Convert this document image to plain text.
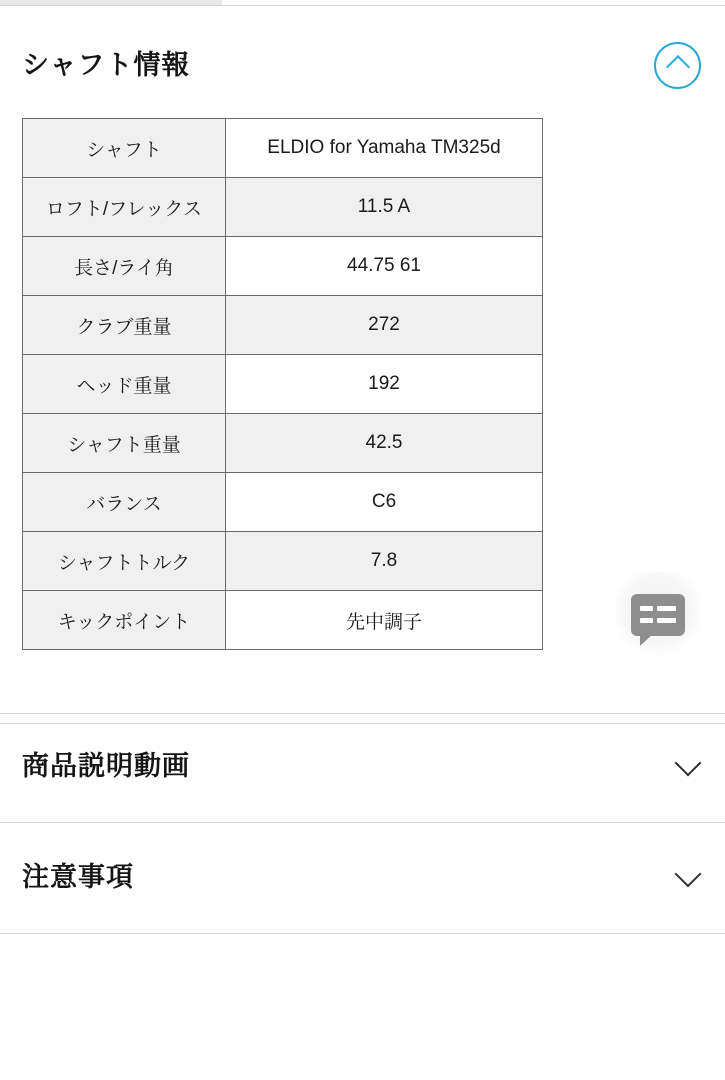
シャフト情報
シャフト	ELDIO for Yamaha TM325d
ロフト/フレックス	11.5 A
長さ/ライ角	44.75 61
クラブ重量	272
ヘッド重量	192
シャフト重量	42.5
バランス	C6
シャフトトルク	7.8
キックポイント	先中調子
商品説明動画
注意事項
